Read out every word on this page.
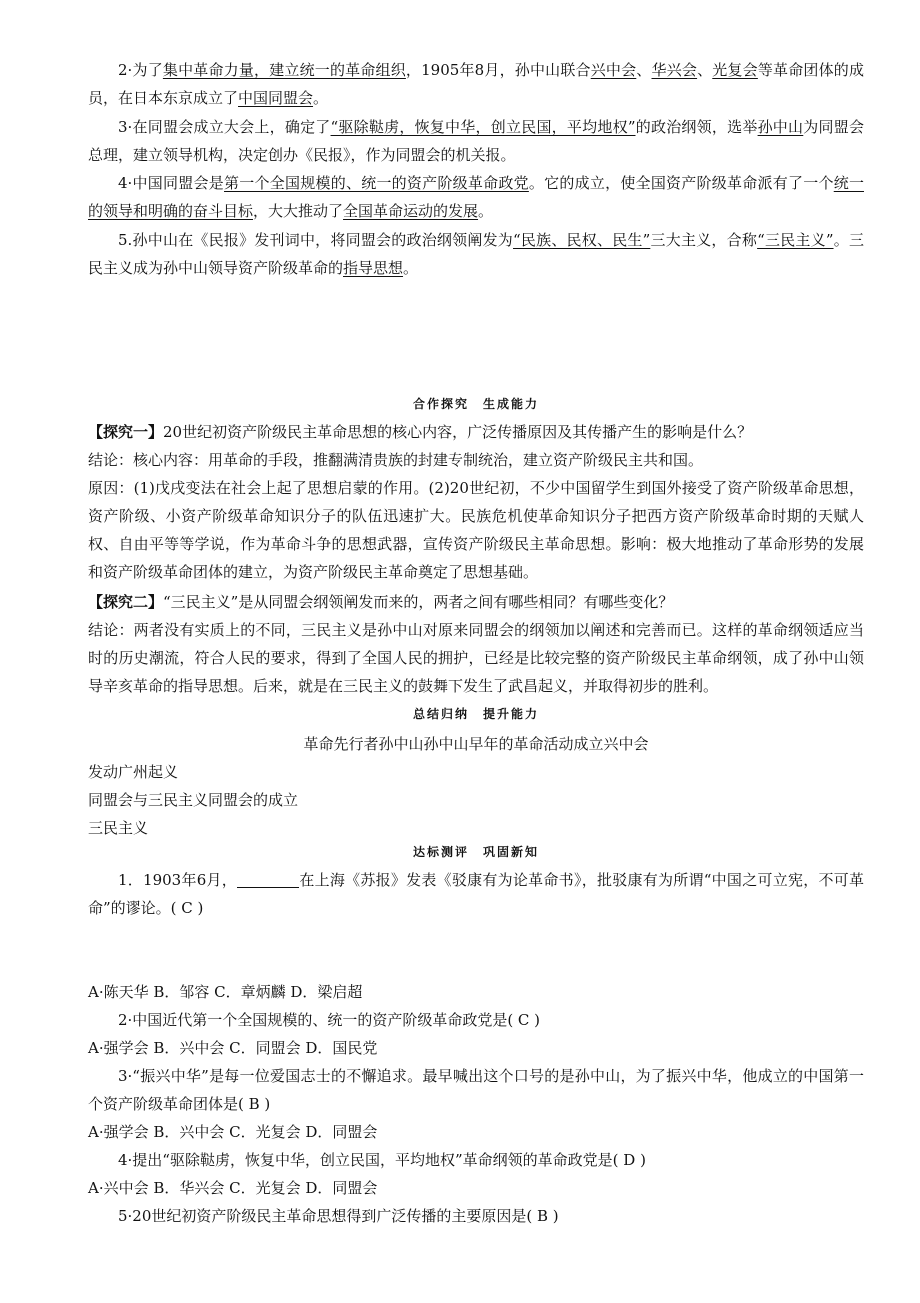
2·为了集中革命力量，建立统一的革命组织，1905年8月，孙中山联合兴中会、华兴会、光复会等革命团体的成员，在日本东京成立了中国同盟会。

3·在同盟会成立大会上，确定了“驱除鞑虏，恢复中华，创立民国，平均地权”的政治纲领，选举孙中山为同盟会总理，建立领导机构，决定创办《民报》，作为同盟会的机关报。

4·中国同盟会是第一个全国规模的、统一的资产阶级革命政党。它的成立，使全国资产阶级革命派有了一个统一的领导和明确的奋斗目标，大大推动了全国革命运动的发展。

5.孙中山在《民报》发刊词中，将同盟会的政治纲领阐发为“民族、民权、民生”三大主义，合称“三民主义”。三民主义成为孙中山领导资产阶级革命的指导思想。

合作探究　生成能力

【探究一】20世纪初资产阶级民主革命思想的核心内容，广泛传播原因及其传播产生的影响是什么？

结论：核心内容：用革命的手段，推翻满清贵族的封建专制统治，建立资产阶级民主共和国。

原因：(1)戊戌变法在社会上起了思想启蒙的作用。(2)20世纪初，不少中国留学生到国外接受了资产阶级革命思想，资产阶级、小资产阶级革命知识分子的队伍迅速扩大。民族危机使革命知识分子把西方资产阶级革命时期的天赋人权、自由平等等学说，作为革命斗争的思想武器，宣传资产阶级民主革命思想。影响：极大地推动了革命形势的发展和资产阶级革命团体的建立，为资产阶级民主革命奠定了思想基础。

【探究二】“三民主义”是从同盟会纲领阐发而来的，两者之间有哪些相同？有哪些变化？

结论：两者没有实质上的不同，三民主义是孙中山对原来同盟会的纲领加以阐述和完善而已。这样的革命纲领适应当时的历史潮流，符合人民的要求，得到了全国人民的拥护，已经是比较完整的资产阶级民主革命纲领，成了孙中山领导辛亥革命的指导思想。后来，就是在三民主义的鼓舞下发生了武昌起义，并取得初步的胜利。

总结归纳　提升能力

革命先行者孙中山孙中山早年的革命活动成立兴中会

发动广州起义

同盟会与三民主义同盟会的成立

三民主义

达标测评　巩固新知

1．1903年6月，	在上海《苏报》发表《驳康有为论革命书》，批驳康有为所谓“中国之可立宪，不可革命”的谬论。( C )

A·陈天华 B．邹容 C．章炳麟 D．梁启超

2·中国近代第一个全国规模的、统一的资产阶级革命政党是( C )

A·强学会 B．兴中会 C．同盟会 D．国民党

3·“振兴中华”是每一位爱国志士的不懈追求。最早喊出这个口号的是孙中山，为了振兴中华，他成立的中国第一个资产阶级革命团体是( B )

A·强学会 B．兴中会 C．光复会 D．同盟会

4·提出“驱除鞑虏，恢复中华，创立民国，平均地权”革命纲领的革命政党是( D )

A·兴中会 B．华兴会 C．光复会 D．同盟会

5·20世纪初资产阶级民主革命思想得到广泛传播的主要原因是( B )
